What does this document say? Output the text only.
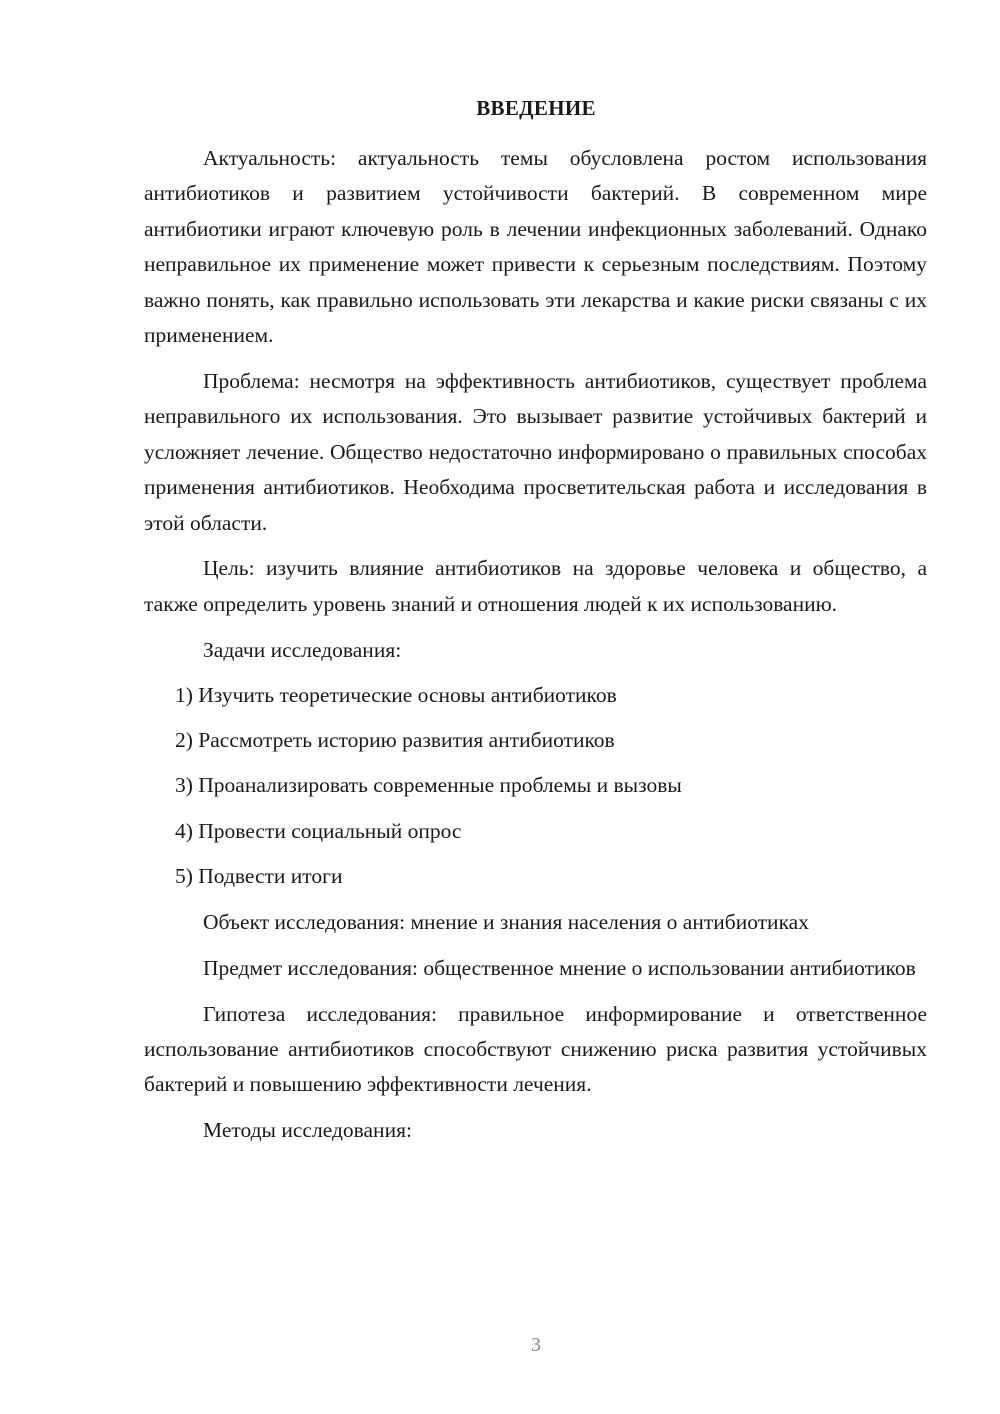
ВВЕДЕНИЕ

Актуальность: актуальность темы обусловлена ростом использования антибиотиков и развитием устойчивости бактерий. В современном мире антибиотики играют ключевую роль в лечении инфекционных заболеваний. Однако неправильное их применение может привести к серьезным последствиям. Поэтому важно понять, как правильно использовать эти лекарства и какие риски связаны с их применением.

Проблема: несмотря на эффективность антибиотиков, существует проблема неправильного их использования. Это вызывает развитие устойчивых бактерий и усложняет лечение. Общество недостаточно информировано о правильных способах применения антибиотиков. Необходима просветительская работа и исследования в этой области.

Цель: изучить влияние антибиотиков на здоровье человека и общество, а также определить уровень знаний и отношения людей к их использованию.

Задачи исследования:

1) Изучить теоретические основы антибиотиков
2) Рассмотреть историю развития антибиотиков
3) Проанализировать современные проблемы и вызовы
4) Провести социальный опрос
5) Подвести итоги

Объект исследования: мнение и знания населения о антибиотиках

Предмет исследования: общественное мнение о использовании антибиотиков

Гипотеза исследования: правильное информирование и ответственное использование антибиотиков способствуют снижению риска развития устойчивых бактерий и повышению эффективности лечения.

Методы исследования:

3
